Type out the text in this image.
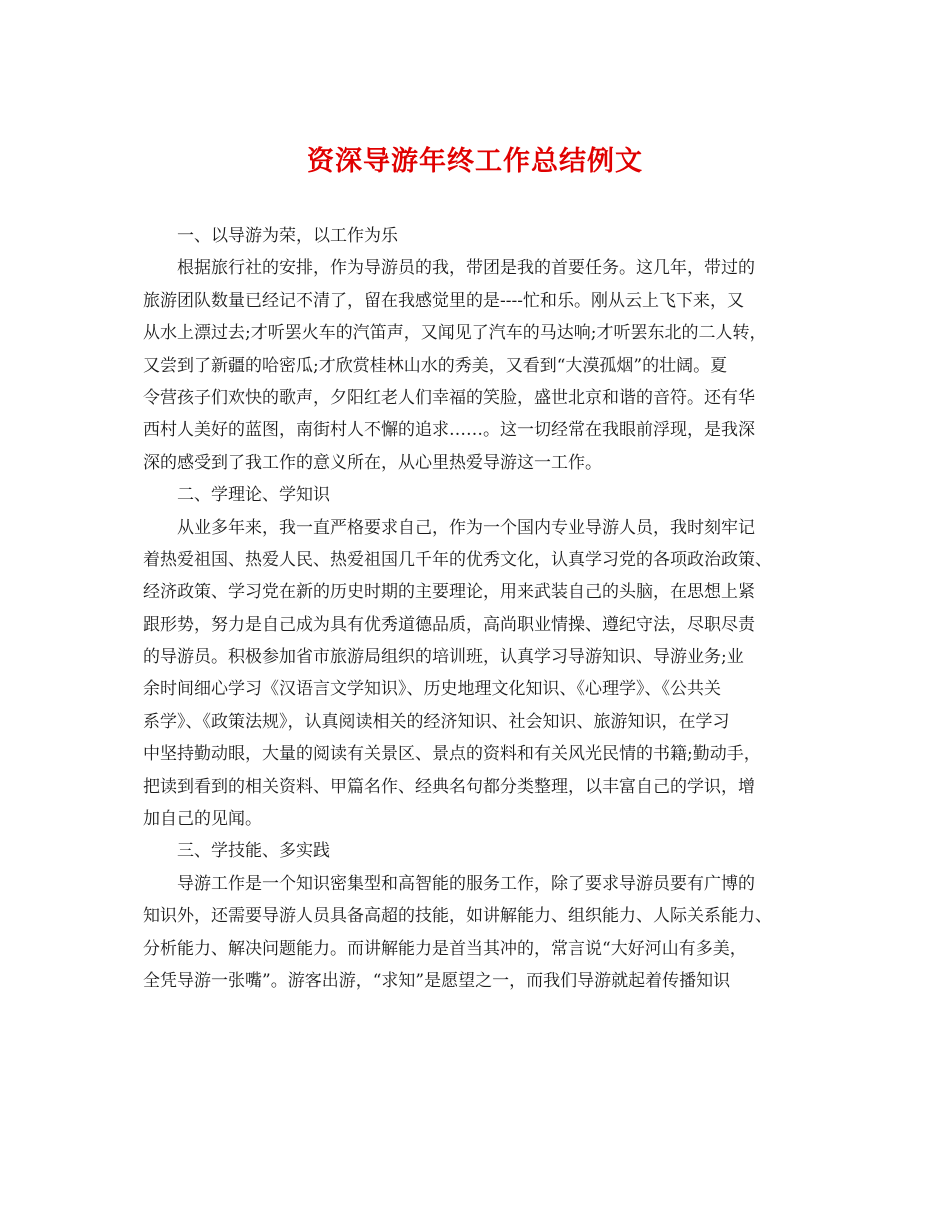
资深导游年终工作总结例文
一、以导游为荣，以工作为乐
根据旅行社的安排，作为导游员的我，带团是我的首要任务。这几年，带过的
旅游团队数量已经记不清了，留在我感觉里的是----忙和乐。刚从云上飞下来，又
从水上漂过去;才听罢火车的汽笛声，又闻见了汽车的马达响;才听罢东北的二人转，
又尝到了新疆的哈密瓜;才欣赏桂林山水的秀美，又看到“大漠孤烟”的壮阔。夏
令营孩子们欢快的歌声，夕阳红老人们幸福的笑脸，盛世北京和谐的音符。还有华
西村人美好的蓝图，南街村人不懈的追求……。这一切经常在我眼前浮现，是我深
深的感受到了我工作的意义所在，从心里热爱导游这一工作。
二、学理论、学知识
从业多年来，我一直严格要求自己，作为一个国内专业导游人员，我时刻牢记
着热爱祖国、热爱人民、热爱祖国几千年的优秀文化，认真学习党的各项政治政策、
经济政策、学习党在新的历史时期的主要理论，用来武装自己的头脑，在思想上紧
跟形势，努力是自己成为具有优秀道德品质，高尚职业情操、遵纪守法，尽职尽责
的导游员。积极参加省市旅游局组织的培训班，认真学习导游知识、导游业务;业
余时间细心学习《汉语言文学知识》、历史地理文化知识、《心理学》、《公共关
系学》、《政策法规》，认真阅读相关的经济知识、社会知识、旅游知识，在学习
中坚持勤动眼，大量的阅读有关景区、景点的资料和有关风光民情的书籍;勤动手，
把读到看到的相关资料、甲篇名作、经典名句都分类整理，以丰富自己的学识，增
加自己的见闻。
三、学技能、多实践
导游工作是一个知识密集型和高智能的服务工作，除了要求导游员要有广博的
知识外，还需要导游人员具备高超的技能，如讲解能力、组织能力、人际关系能力、
分析能力、解决问题能力。而讲解能力是首当其冲的，常言说“大好河山有多美，
全凭导游一张嘴”。游客出游，“求知”是愿望之一，而我们导游就起着传播知识
